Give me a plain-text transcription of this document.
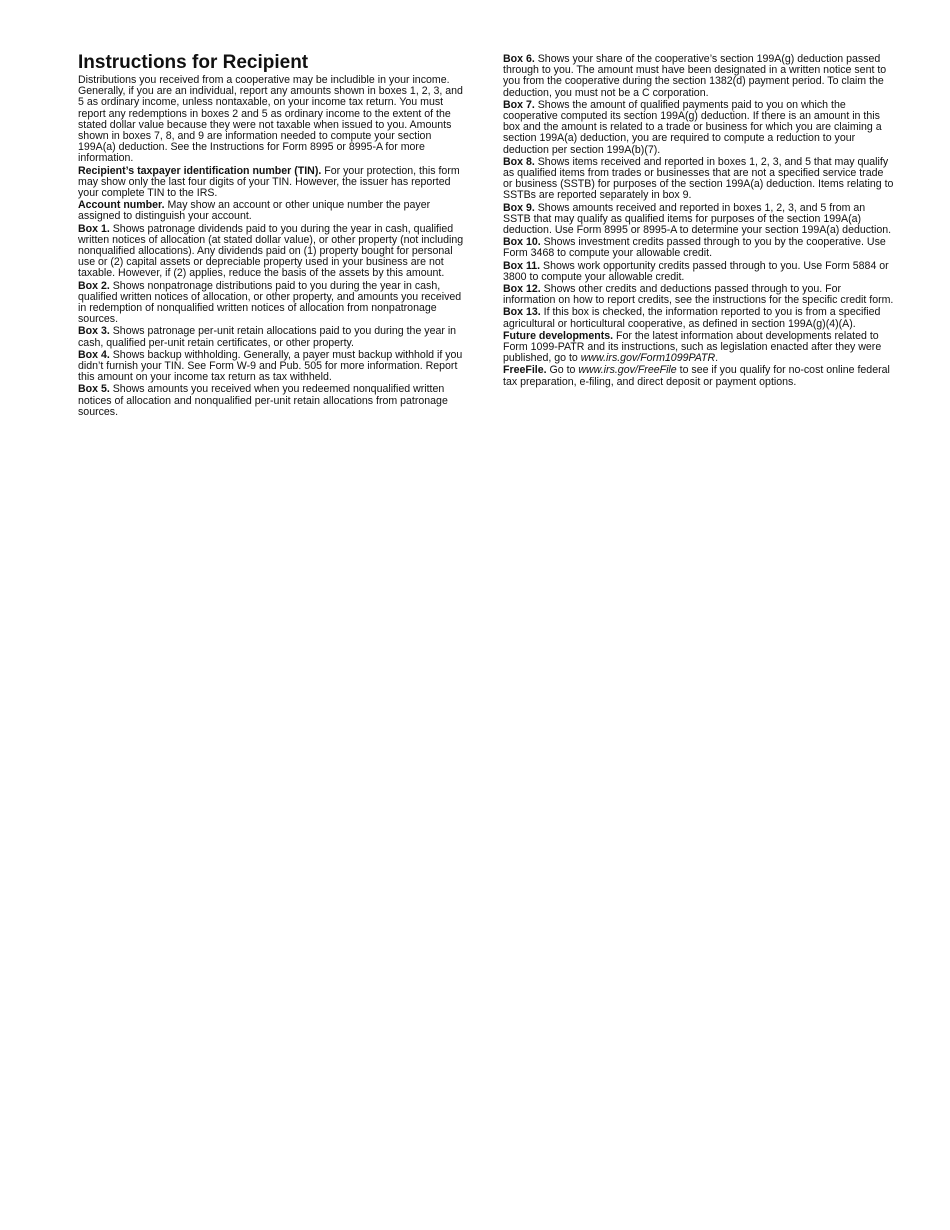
Instructions for Recipient

Distributions you received from a cooperative may be includible in your income. Generally, if you are an individual, report any amounts shown in boxes 1, 2, 3, and 5 as ordinary income, unless nontaxable, on your income tax return. You must report any redemptions in boxes 2 and 5 as ordinary income to the extent of the stated dollar value because they were not taxable when issued to you. Amounts shown in boxes 7, 8, and 9 are information needed to compute your section 199A(a) deduction. See the Instructions for Form 8995 or 8995-A for more information.

Recipient’s taxpayer identification number (TIN). For your protection, this form may show only the last four digits of your TIN. However, the issuer has reported your complete TIN to the IRS.

Account number. May show an account or other unique number the payer assigned to distinguish your account.

Box 1. Shows patronage dividends paid to you during the year in cash, qualified written notices of allocation (at stated dollar value), or other property (not including nonqualified allocations). Any dividends paid on (1) property bought for personal use or (2) capital assets or depreciable property used in your business are not taxable. However, if (2) applies, reduce the basis of the assets by this amount.

Box 2. Shows nonpatronage distributions paid to you during the year in cash, qualified written notices of allocation, or other property, and amounts you received in redemption of nonqualified written notices of allocation from nonpatronage sources.

Box 3. Shows patronage per-unit retain allocations paid to you during the year in cash, qualified per-unit retain certificates, or other property.

Box 4. Shows backup withholding. Generally, a payer must backup withhold if you didn’t furnish your TIN. See Form W-9 and Pub. 505 for more information. Report this amount on your income tax return as tax withheld.

Box 5. Shows amounts you received when you redeemed nonqualified written notices of allocation and nonqualified per-unit retain allocations from patronage sources.

Box 6. Shows your share of the cooperative’s section 199A(g) deduction passed through to you. The amount must have been designated in a written notice sent to you from the cooperative during the section 1382(d) payment period. To claim the deduction, you must not be a C corporation.

Box 7. Shows the amount of qualified payments paid to you on which the cooperative computed its section 199A(g) deduction. If there is an amount in this box and the amount is related to a trade or business for which you are claiming a section 199A(a) deduction, you are required to compute a reduction to your deduction per section 199A(b)(7).

Box 8. Shows items received and reported in boxes 1, 2, 3, and 5 that may qualify as qualified items from trades or businesses that are not a specified service trade or business (SSTB) for purposes of the section 199A(a) deduction. Items relating to SSTBs are reported separately in box 9.

Box 9. Shows amounts received and reported in boxes 1, 2, 3, and 5 from an SSTB that may qualify as qualified items for purposes of the section 199A(a) deduction. Use Form 8995 or 8995-A to determine your section 199A(a) deduction.

Box 10. Shows investment credits passed through to you by the cooperative. Use Form 3468 to compute your allowable credit.

Box 11. Shows work opportunity credits passed through to you. Use Form 5884 or 3800 to compute your allowable credit.

Box 12. Shows other credits and deductions passed through to you. For information on how to report credits, see the instructions for the specific credit form.

Box 13. If this box is checked, the information reported to you is from a specified agricultural or horticultural cooperative, as defined in section 199A(g)(4)(A).

Future developments. For the latest information about developments related to Form 1099-PATR and its instructions, such as legislation enacted after they were published, go to www.irs.gov/Form1099PATR.

FreeFile. Go to www.irs.gov/FreeFile to see if you qualify for no-cost online federal tax preparation, e-filing, and direct deposit or payment options.
